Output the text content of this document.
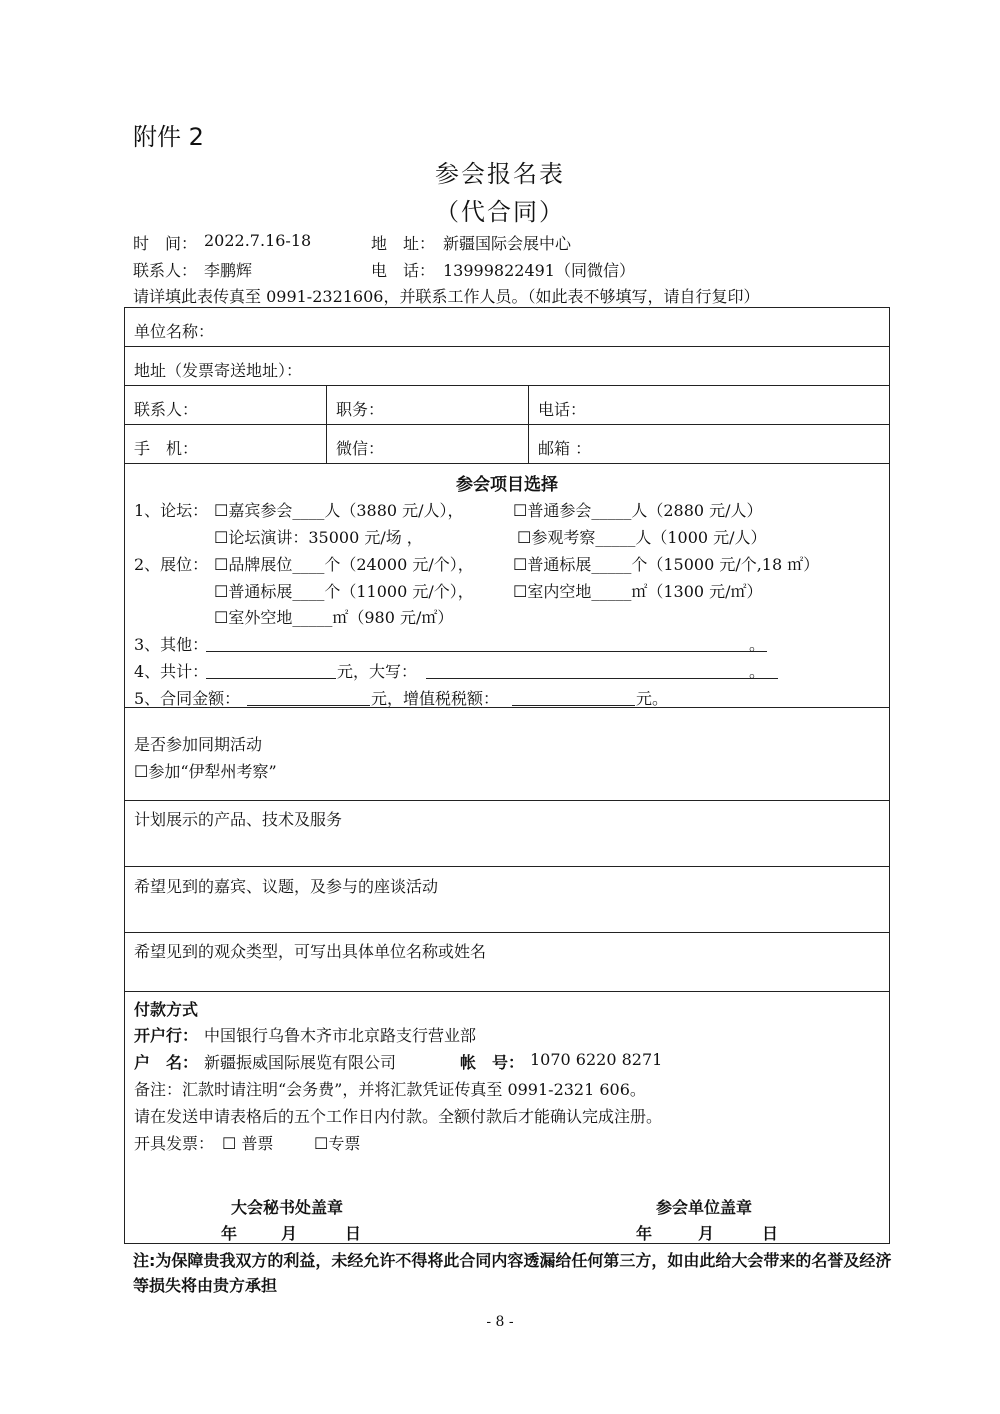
附件 2
参会报名表
（代合同）
时　间： 2022.7.16-18	地　址： 新疆国际会展中心
联系人： 李鹏辉	电　话： 13999822491（同微信）
请详填此表传真至 0991-2321606，并联系工作人员。（如此表不够填写，请自行复印）
单位名称：
地址（发票寄送地址）：
联系人：	职务：	电话：
手　机：	微信：	邮箱 ：
参会项目选择
1、论坛： ☐嘉宾参会____人（3880 元/人），	☐普通参会_____人（2880 元/人）
☐论坛演讲：35000 元/场 ，	☐参观考察_____人（1000 元/人）
2、展位： ☐品牌展位____个（24000 元/个）， ☐普通标展_____个（15000 元/个,18 ㎡）
☐普通标展____个（11000 元/个）， ☐室内空地_____㎡（1300 元/㎡）
☐室外空地_____㎡（980 元/㎡）
3、其他：	。
4、共计：	元，大写：	。
5、合同金额：	元，增值税税额：	元。
是否参加同期活动
☐参加“伊犁州考察”
计划展示的产品、技术及服务
希望见到的嘉宾、议题，及参与的座谈活动
希望见到的观众类型，可写出具体单位名称或姓名
付款方式
开户行： 中国银行乌鲁木齐市北京路支行营业部
户　名： 新疆振威国际展览有限公司	帐　号： 1070 6220 8271
备注：汇款时请注明“会务费”，并将汇款凭证传真至 0991-2321 606。
请在发送申请表格后的五个工作日内付款。全额付款后才能确认完成注册。
开具发票： ☐ 普票	☐专票
大会秘书处盖章	参会单位盖章
年	月	日	年	月	日
注:为保障贵我双方的利益，未经允许不得将此合同内容透漏给任何第三方，如由此给大会带来的名誉及经济等损失将由贵方承担
- 8 -
